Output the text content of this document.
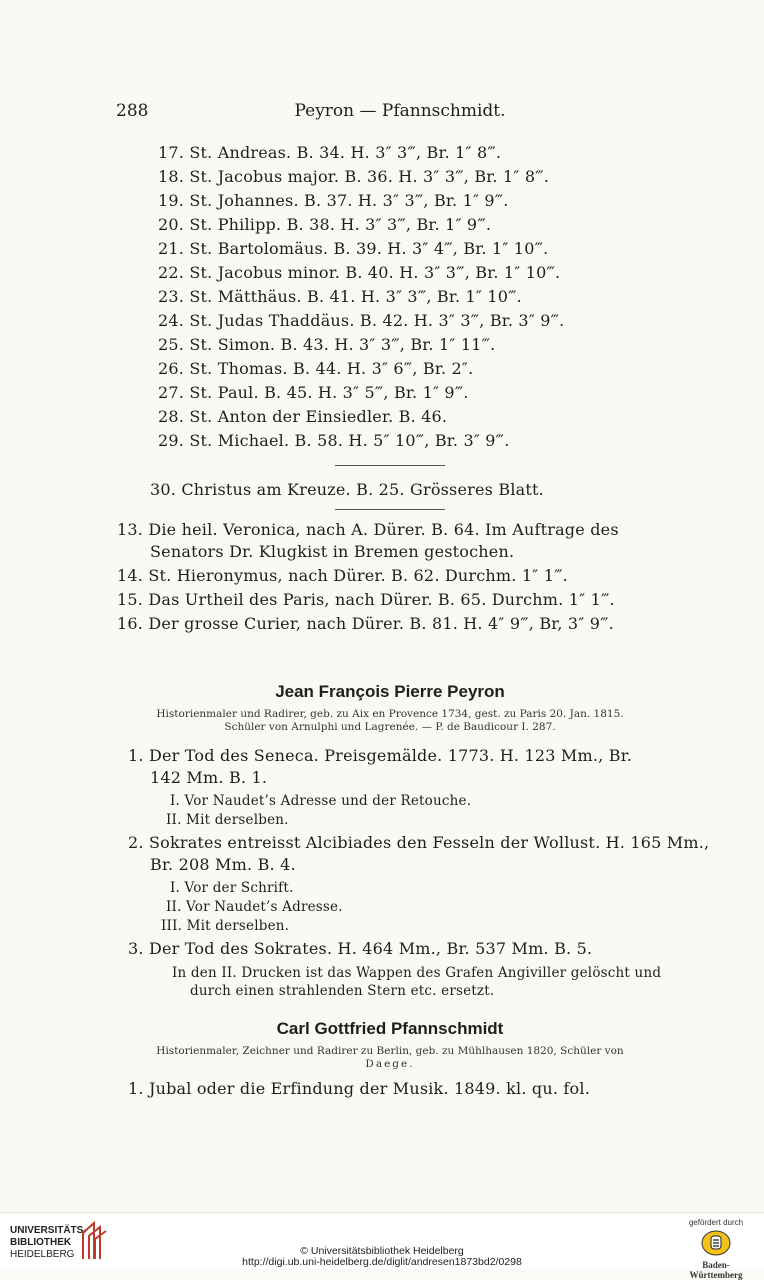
288	Peyron — Pfannschmidt.
17. St. Andreas. B. 34. H. 3″ 3‴, Br. 1″ 8‴.
18. St. Jacobus major. B. 36. H. 3″ 3‴, Br. 1″ 8‴.
19. St. Johannes. B. 37. H. 3″ 3‴, Br. 1″ 9‴.
20. St. Philipp. B. 38. H. 3″ 3‴, Br. 1″ 9‴.
21. St. Bartolomäus. B. 39. H. 3″ 4‴, Br. 1″ 10‴.
22. St. Jacobus minor. B. 40. H. 3″ 3‴, Br. 1″ 10‴.
23. St. Mätthäus. B. 41. H. 3″ 3‴, Br. 1″ 10‴.
24. St. Judas Thaddäus. B. 42. H. 3″ 3‴, Br. 3″ 9‴.
25. St. Simon. B. 43. H. 3″ 3‴, Br. 1″ 11‴.
26. St. Thomas. B. 44. H. 3″ 6‴, Br. 2″.
27. St. Paul. B. 45. H. 3″ 5‴, Br. 1″ 9‴.
28. St. Anton der Einsiedler. B. 46.
29. St. Michael. B. 58. H. 5″ 10‴, Br. 3″ 9‴.
30. Christus am Kreuze. B. 25. Grösseres Blatt.
13. Die heil. Veronica, nach A. Dürer. B. 64. Im Auftrage des
Senators Dr. Klugkist in Bremen gestochen.
14. St. Hieronymus, nach Dürer. B. 62. Durchm. 1″ 1‴.
15. Das Urtheil des Paris, nach Dürer. B. 65. Durchm. 1″ 1‴.
16. Der grosse Curier, nach Dürer. B. 81. H. 4″ 9‴, Br, 3″ 9‴.
Jean François Pierre Peyron
Historienmaler und Radirer, geb. zu Aix en Provence 1734, gest. zu Paris 20. Jan. 1815.
Schüler von Arnulphi und Lagrenée. — P. de Baudicour I. 287.
1. Der Tod des Seneca. Preisgemälde. 1773. H. 123 Mm., Br.
142 Mm. B. 1.
I. Vor Naudet’s Adresse und der Retouche.
II. Mit derselben.
2. Sokrates entreisst Alcibiades den Fesseln der Wollust. H. 165 Mm.,
Br. 208 Mm. B. 4.
I. Vor der Schrift.
II. Vor Naudet’s Adresse.
III. Mit derselben.
3. Der Tod des Sokrates. H. 464 Mm., Br. 537 Mm. B. 5.
In den II. Drucken ist das Wappen des Grafen Angiviller gelöscht und
durch einen strahlenden Stern etc. ersetzt.
Carl Gottfried Pfannschmidt
Historienmaler, Zeichner und Radirer zu Berlin, geb. zu Mühlhausen 1820, Schüler von
Daege.
1. Jubal oder die Erfindung der Musik. 1849. kl. qu. fol.
UNIVERSITÄTS-
BIBLIOTHEK
HEIDELBERG	© Universitätsbibliothek Heidelberg
http://digi.ub.uni-heidelberg.de/diglit/andresen1873bd2/0298
gefördert durch
Baden-Württemberg
